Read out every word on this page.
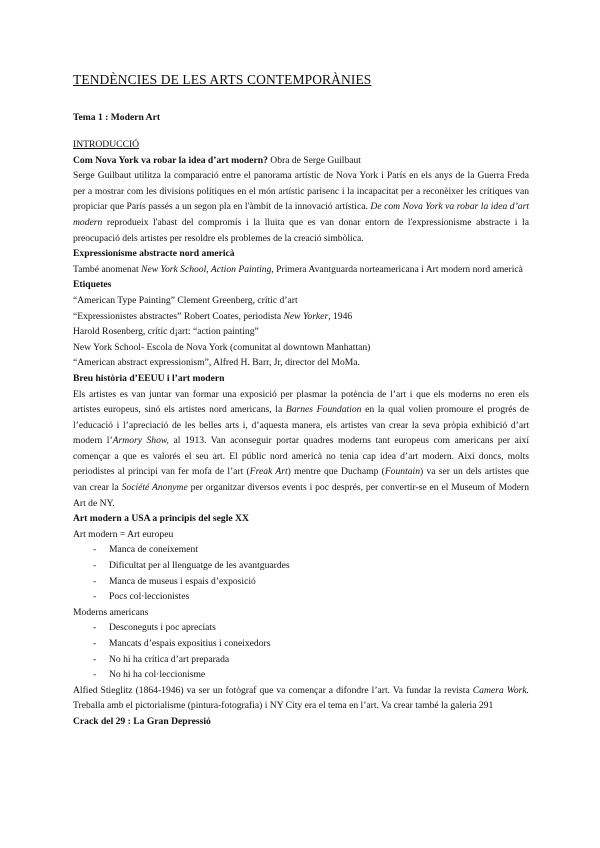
TENDÈNCIES DE LES ARTS CONTEMPORÀNIES
Tema 1 : Modern Art

INTRODUCCIÓ

Com Nova York va robar la idea d’art modern? Obra de Serge Guilbaut

Serge Guilbaut utilitza la comparació entre el panorama artístic de Nova York i París en els anys de la Guerra Freda per a mostrar com les divisions polítiques en el món artístic parisenc i la incapacitat per a reconèixer les crítiques van propiciar que París passés a un segon pla en l'àmbit de la innovació artística. De com Nova York va robar la idea d’art modern reprodueix l'abast del compromís i la lluita que es van donar entorn de l'expressionisme abstracte i la preocupació dels artistes per resoldre els problemes de la creació simbòlica.

Expressionisme abstracte nord americà

També anomenat New York School, Action Painting, Primera Avantguarda norteamericana i Art modern nord americà

Etiquetes

“American Type Painting” Clement Greenberg, crític d’art

“Expressionistes abstractes” Robert Coates, periodista New Yorker, 1946

Harold Rosenberg, crític d¡art: “action painting”

New York School- Escola de Nova York (comunitat al downtown Manhattan)

“American abstract expressionism”, Alfred H. Barr, Jr, director del MoMa.

Breu història d’EEUU i l’art modern

Els artistes es van juntar van formar una exposició per plasmar la potència de l’art i que els moderns no eren els artistes europeus, sinó els artistes nord americans, la Barnes Foundation en la qual volien promoure el progrés de l’educació i l’apreciació de les belles arts i, d’aquesta manera, els artistes van crear la seva pròpia exhibició d’art modern l’Armory Show, al 1913. Van aconseguir portar quadres moderns tant europeus com americans per així començar a que es valorés el seu art. El públic nord americà no tenia cap idea d’art modern. Així doncs, molts periodistes al principi van fer mofa de l’art (Freak Art) mentre que Duchamp (Fountain) va ser un dels artistes que van crear la Société Anonyme per organitzar diversos events i poc després, per convertir-se en el Museum of Modern Art de NY.

Art modern a USA a principis del segle XX

Art modern = Art europeu

- Manca de coneixement
- Dificultat per al llenguatge de les avantguardes
- Manca de museus i espais d’exposició
- Pocs col·leccionistes

Moderns americans

- Desconeguts i poc apreciats
- Mancats d’espais expositius i coneixedors
- No hi ha crítica d’art preparada
- No hi ha col·leccionisme

Alfied Stieglitz (1864-1946) va ser un fotògraf que va començar a difondre l’art. Va fundar la revista Camera Work. Treballa amb el pictorialisme (pintura-fotografia) i NY City era el tema en l’art. Va crear també la galeria 291

Crack del 29 : La Gran Depressió
